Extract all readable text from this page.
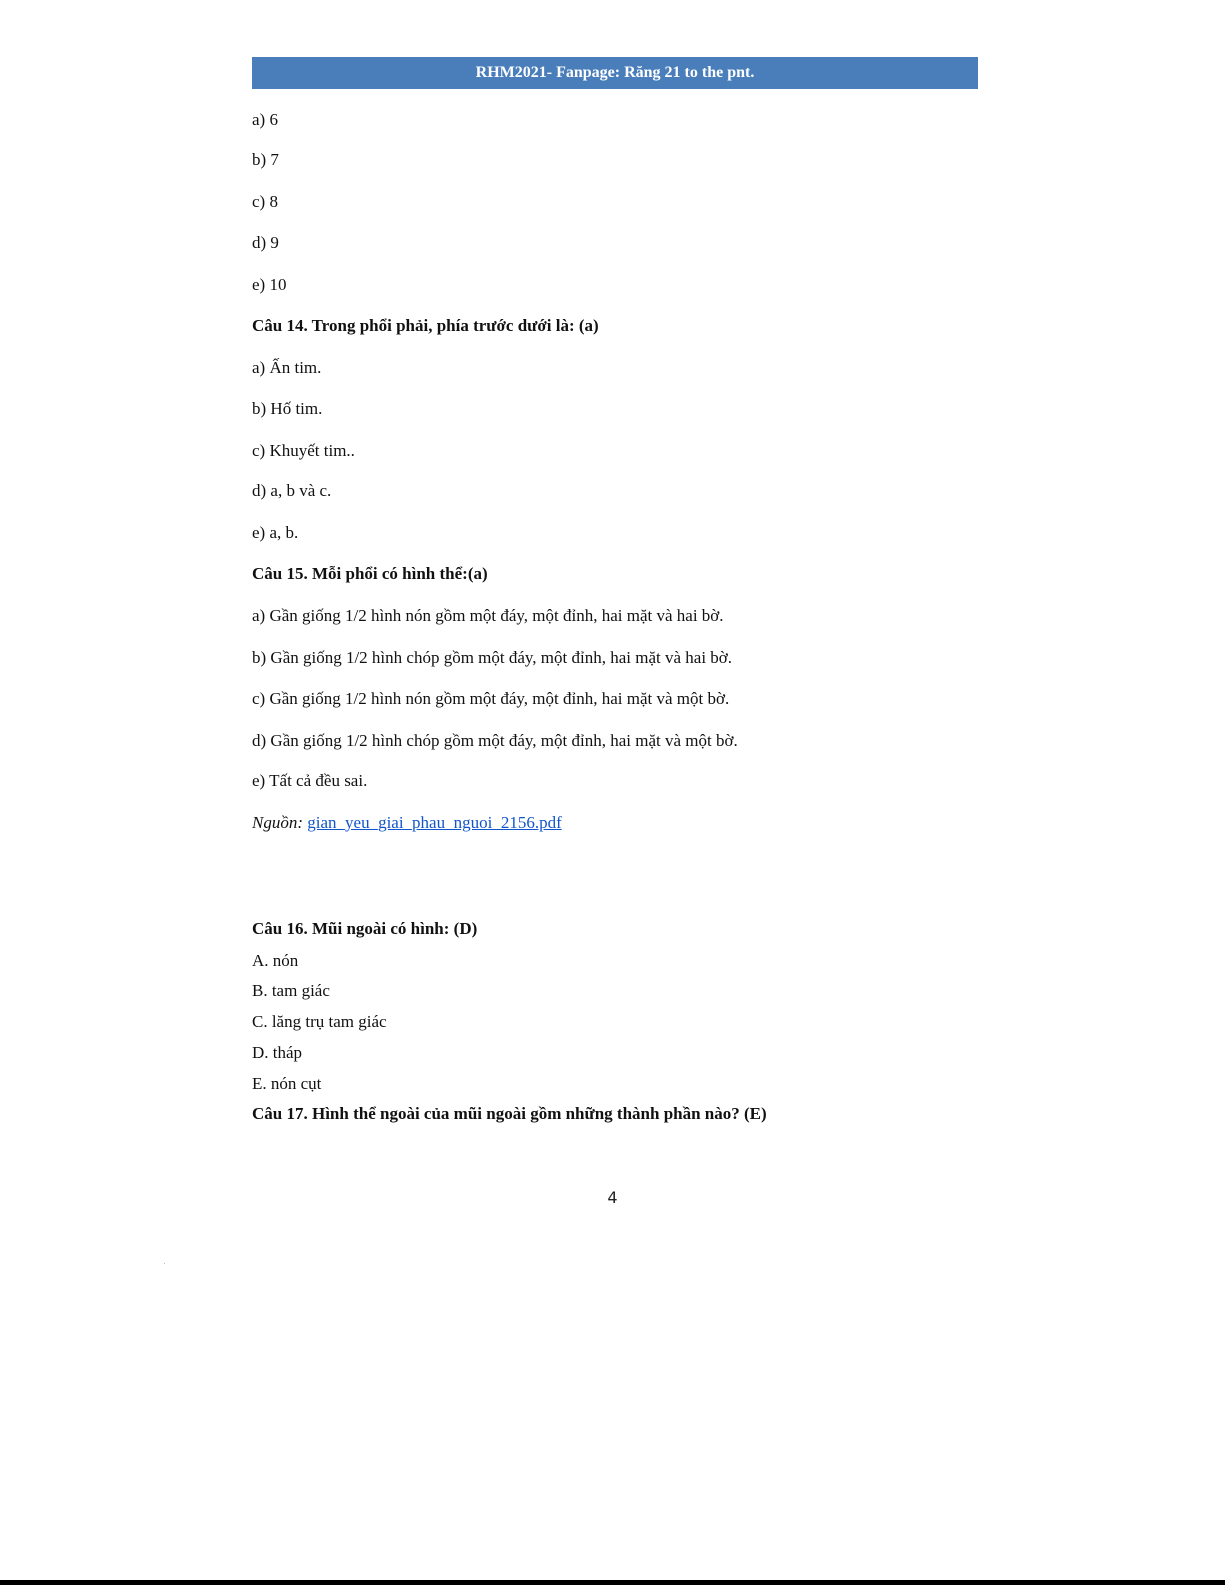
RHM2021- Fanpage: Răng 21 to the pnt.
a) 6
b) 7
c) 8
d) 9
e) 10
Câu 14. Trong phổi phải, phía trước dưới là: (a)
a) Ấn tim.
b) Hố tim.
c) Khuyết tim..
d) a, b và c.
e) a, b.
Câu 15. Mỗi phổi có hình thể:(a)
a) Gần giống 1/2 hình nón gồm một đáy, một đỉnh, hai mặt và hai bờ.
b) Gần giống 1/2 hình chóp gồm một đáy, một đỉnh, hai mặt và hai bờ.
c) Gần giống 1/2 hình nón gồm một đáy, một đỉnh, hai mặt và một bờ.
d) Gần giống 1/2 hình chóp gồm một đáy, một đỉnh, hai mặt và một bờ.
e) Tất cả đều sai.
Nguồn: gian_yeu_giai_phau_nguoi_2156.pdf
Câu 16. Mũi ngoài có hình: (D)
A. nón
B. tam giác
C. lăng trụ tam giác
D. tháp
E. nón cụt
Câu 17. Hình thể ngoài của mũi ngoài gồm những thành phần nào? (E)
4
